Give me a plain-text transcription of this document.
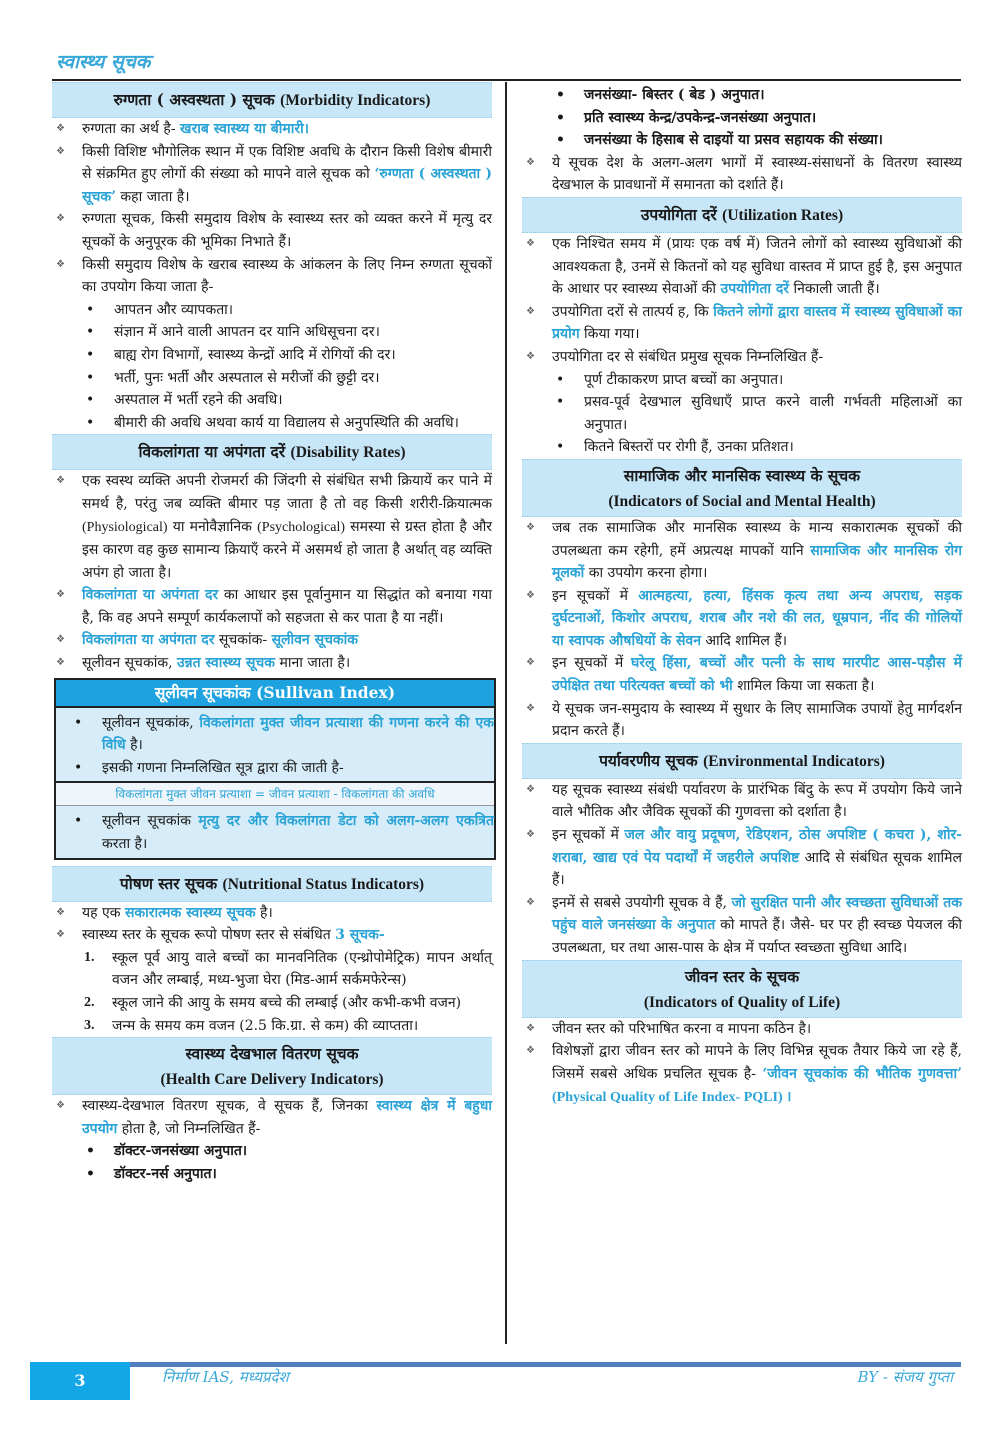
स्वास्थ्य सूचक
रुग्णता ( अस्वस्थता ) सूचक (Morbidity Indicators)
❖ रुग्णता का अर्थ है- खराब स्वास्थ्य या बीमारी।
❖ किसी विशिष्ट भौगोलिक स्थान में एक विशिष्ट अवधि के दौरान किसी विशेष बीमारी से संक्रमित हुए लोगों की संख्या को मापने वाले सूचक को ‘रुग्णता ( अस्वस्थता ) सूचक’ कहा जाता है।
❖ रुग्णता सूचक, किसी समुदाय विशेष के स्वास्थ्य स्तर को व्यक्त करने में मृत्यु दर सूचकों के अनुपूरक की भूमिका निभाते हैं।
❖ किसी समुदाय विशेष के खराब स्वास्थ्य के आंकलन के लिए निम्न रुग्णता सूचकों का उपयोग किया जाता है-
• आपतन और व्यापकता।
• संज्ञान में आने वाली आपतन दर यानि अधिसूचना दर।
• बाह्य रोग विभागों, स्वास्थ्य केन्द्रों आदि में रोगियों की दर।
• भर्ती, पुनः भर्ती और अस्पताल से मरीजों की छुट्टी दर।
• अस्पताल में भर्ती रहने की अवधि।
• बीमारी की अवधि अथवा कार्य या विद्यालय से अनुपस्थिति की अवधि।
विकलांगता या अपंगता दरें (Disability Rates)
❖ एक स्वस्थ व्यक्ति अपनी रोजमर्रा की जिंदगी से संबंधित सभी क्रियायें कर पाने में समर्थ है, परंतु जब व्यक्ति बीमार पड़ जाता है तो वह किसी शरीरी-क्रियात्मक (Physiological) या मनोवैज्ञानिक (Psychological) समस्या से ग्रस्त होता है और इस कारण वह कुछ सामान्य क्रियाएँ करने में असमर्थ हो जाता है अर्थात् वह व्यक्ति अपंग हो जाता है।
❖ विकलांगता या अपंगता दर का आधार इस पूर्वानुमान या सिद्धांत को बनाया गया है, कि वह अपने सम्पूर्ण कार्यकलापों को सहजता से कर पाता है या नहीं।
❖ विकलांगता या अपंगता दर सूचकांक- सूलीवन सूचकांक
❖ सूलीवन सूचकांक, उन्नत स्वास्थ्य सूचक माना जाता है।
सूलीवन सूचकांक (Sullivan Index)
• सूलीवन सूचकांक, विकलांगता मुक्त जीवन प्रत्याशा की गणना करने की एक विधि है।
• इसकी गणना निम्नलिखित सूत्र द्वारा की जाती है-
विकलांगता मुक्त जीवन प्रत्याशा = जीवन प्रत्याशा - विकलांगता की अवधि
• सूलीवन सूचकांक मृत्यु दर और विकलांगता डेटा को अलग-अलग एकत्रित करता है।
पोषण स्तर सूचक (Nutritional Status Indicators)
❖ यह एक सकारात्मक स्वास्थ्य सूचक है।
❖ स्वास्थ्य स्तर के सूचक रूपो पोषण स्तर से संबंधित 3 सूचक-
1. स्कूल पूर्व आयु वाले बच्चों का मानवनितिक (एन्थ्रोपोमेट्रिक) मापन अर्थात् वजन और लम्बाई, मध्य-भुजा घेरा (मिड-आर्म सर्कमफेरेन्स)
2. स्कूल जाने की आयु के समय बच्चे की लम्बाई (और कभी-कभी वजन)
3. जन्म के समय कम वजन (2.5 कि.ग्रा. से कम) की व्याप्तता।
स्वास्थ्य देखभाल वितरण सूचक
(Health Care Delivery Indicators)
❖ स्वास्थ्य-देखभाल वितरण सूचक, वे सूचक हैं, जिनका स्वास्थ्य क्षेत्र में बहुधा उपयोग होता है, जो निम्नलिखित हैं-
• डॉक्टर-जनसंख्या अनुपात।
• डॉक्टर-नर्स अनुपात।
• जनसंख्या- बिस्तर ( बेड ) अनुपात।
• प्रति स्वास्थ्य केन्द्र/उपकेन्द्र-जनसंख्या अनुपात।
• जनसंख्या के हिसाब से दाइयों या प्रसव सहायक की संख्या।
❖ ये सूचक देश के अलग-अलग भागों में स्वास्थ्य-संसाधनों के वितरण स्वास्थ्य देखभाल के प्रावधानों में समानता को दर्शाते हैं।
उपयोगिता दरें (Utilization Rates)
❖ एक निश्चित समय में (प्रायः एक वर्ष में) जितने लोगों को स्वास्थ्य सुविधाओं की आवश्यकता है, उनमें से कितनों को यह सुविधा वास्तव में प्राप्त हुई है, इस अनुपात के आधार पर स्वास्थ्य सेवाओं की उपयोगिता दरें निकाली जाती हैं।
❖ उपयोगिता दरों से तात्पर्य ह, कि कितने लोगों द्वारा वास्तव में स्वास्थ्य सुविधाओं का प्रयोग किया गया।
❖ उपयोगिता दर से संबंधित प्रमुख सूचक निम्नलिखित हैं-
• पूर्ण टीकाकरण प्राप्त बच्चों का अनुपात।
• प्रसव-पूर्व देखभाल सुविधाएँ प्राप्त करने वाली गर्भवती महिलाओं का अनुपात।
• कितने बिस्तरों पर रोगी हैं, उनका प्रतिशत।
सामाजिक और मानसिक स्वास्थ्य के सूचक
(Indicators of Social and Mental Health)
❖ जब तक सामाजिक और मानसिक स्वास्थ्य के मान्य सकारात्मक सूचकों की उपलब्धता कम रहेगी, हमें अप्रत्यक्ष मापकों यानि सामाजिक और मानसिक रोग मूलकों का उपयोग करना होगा।
❖ इन सूचकों में आत्महत्या, हत्या, हिंसक कृत्य तथा अन्य अपराध, सड़क दुर्घटनाओं, किशोर अपराध, शराब और नशे की लत, धूम्रपान, नींद की गोलियों या स्वापक औषधियों के सेवन आदि शामिल हैं।
❖ इन सूचकों में घरेलू हिंसा, बच्चों और पत्नी के साथ मारपीट आस-पड़ौस में उपेक्षित तथा परित्यक्त बच्चों को भी शामिल किया जा सकता है।
❖ ये सूचक जन-समुदाय के स्वास्थ्य में सुधार के लिए सामाजिक उपायों हेतु मार्गदर्शन प्रदान करते हैं।
पर्यावरणीय सूचक (Environmental Indicators)
❖ यह सूचक स्वास्थ्य संबंधी पर्यावरण के प्रारंभिक बिंदु के रूप में उपयोग किये जाने वाले भौतिक और जैविक सूचकों की गुणवत्ता को दर्शाता है।
❖ इन सूचकों में जल और वायु प्रदूषण, रेडिएशन, ठोस अपशिष्ट ( कचरा ), शोर-शराबा, खाद्य एवं पेय पदार्थों में जहरीले अपशिष्ट आदि से संबंधित सूचक शामिल हैं।
❖ इनमें से सबसे उपयोगी सूचक वे हैं, जो सुरक्षित पानी और स्वच्छता सुविधाओं तक पहुंच वाले जनसंख्या के अनुपात को मापते हैं। जैसे- घर पर ही स्वच्छ पेयजल की उपलब्धता, घर तथा आस-पास के क्षेत्र में पर्याप्त स्वच्छता सुविधा आदि।
जीवन स्तर के सूचक
(Indicators of Quality of Life)
❖ जीवन स्तर को परिभाषित करना व मापना कठिन है।
❖ विशेषज्ञों द्वारा जीवन स्तर को मापने के लिए विभिन्न सूचक तैयार किये जा रहे हैं, जिसमें सबसे अधिक प्रचलित सूचक है- ‘जीवन सूचकांक की भौतिक गुणवत्ता’ (Physical Quality of Life Index- PQLI) ।
3	निर्माण IAS, मध्यप्रदेश	BY - संजय गुप्ता
